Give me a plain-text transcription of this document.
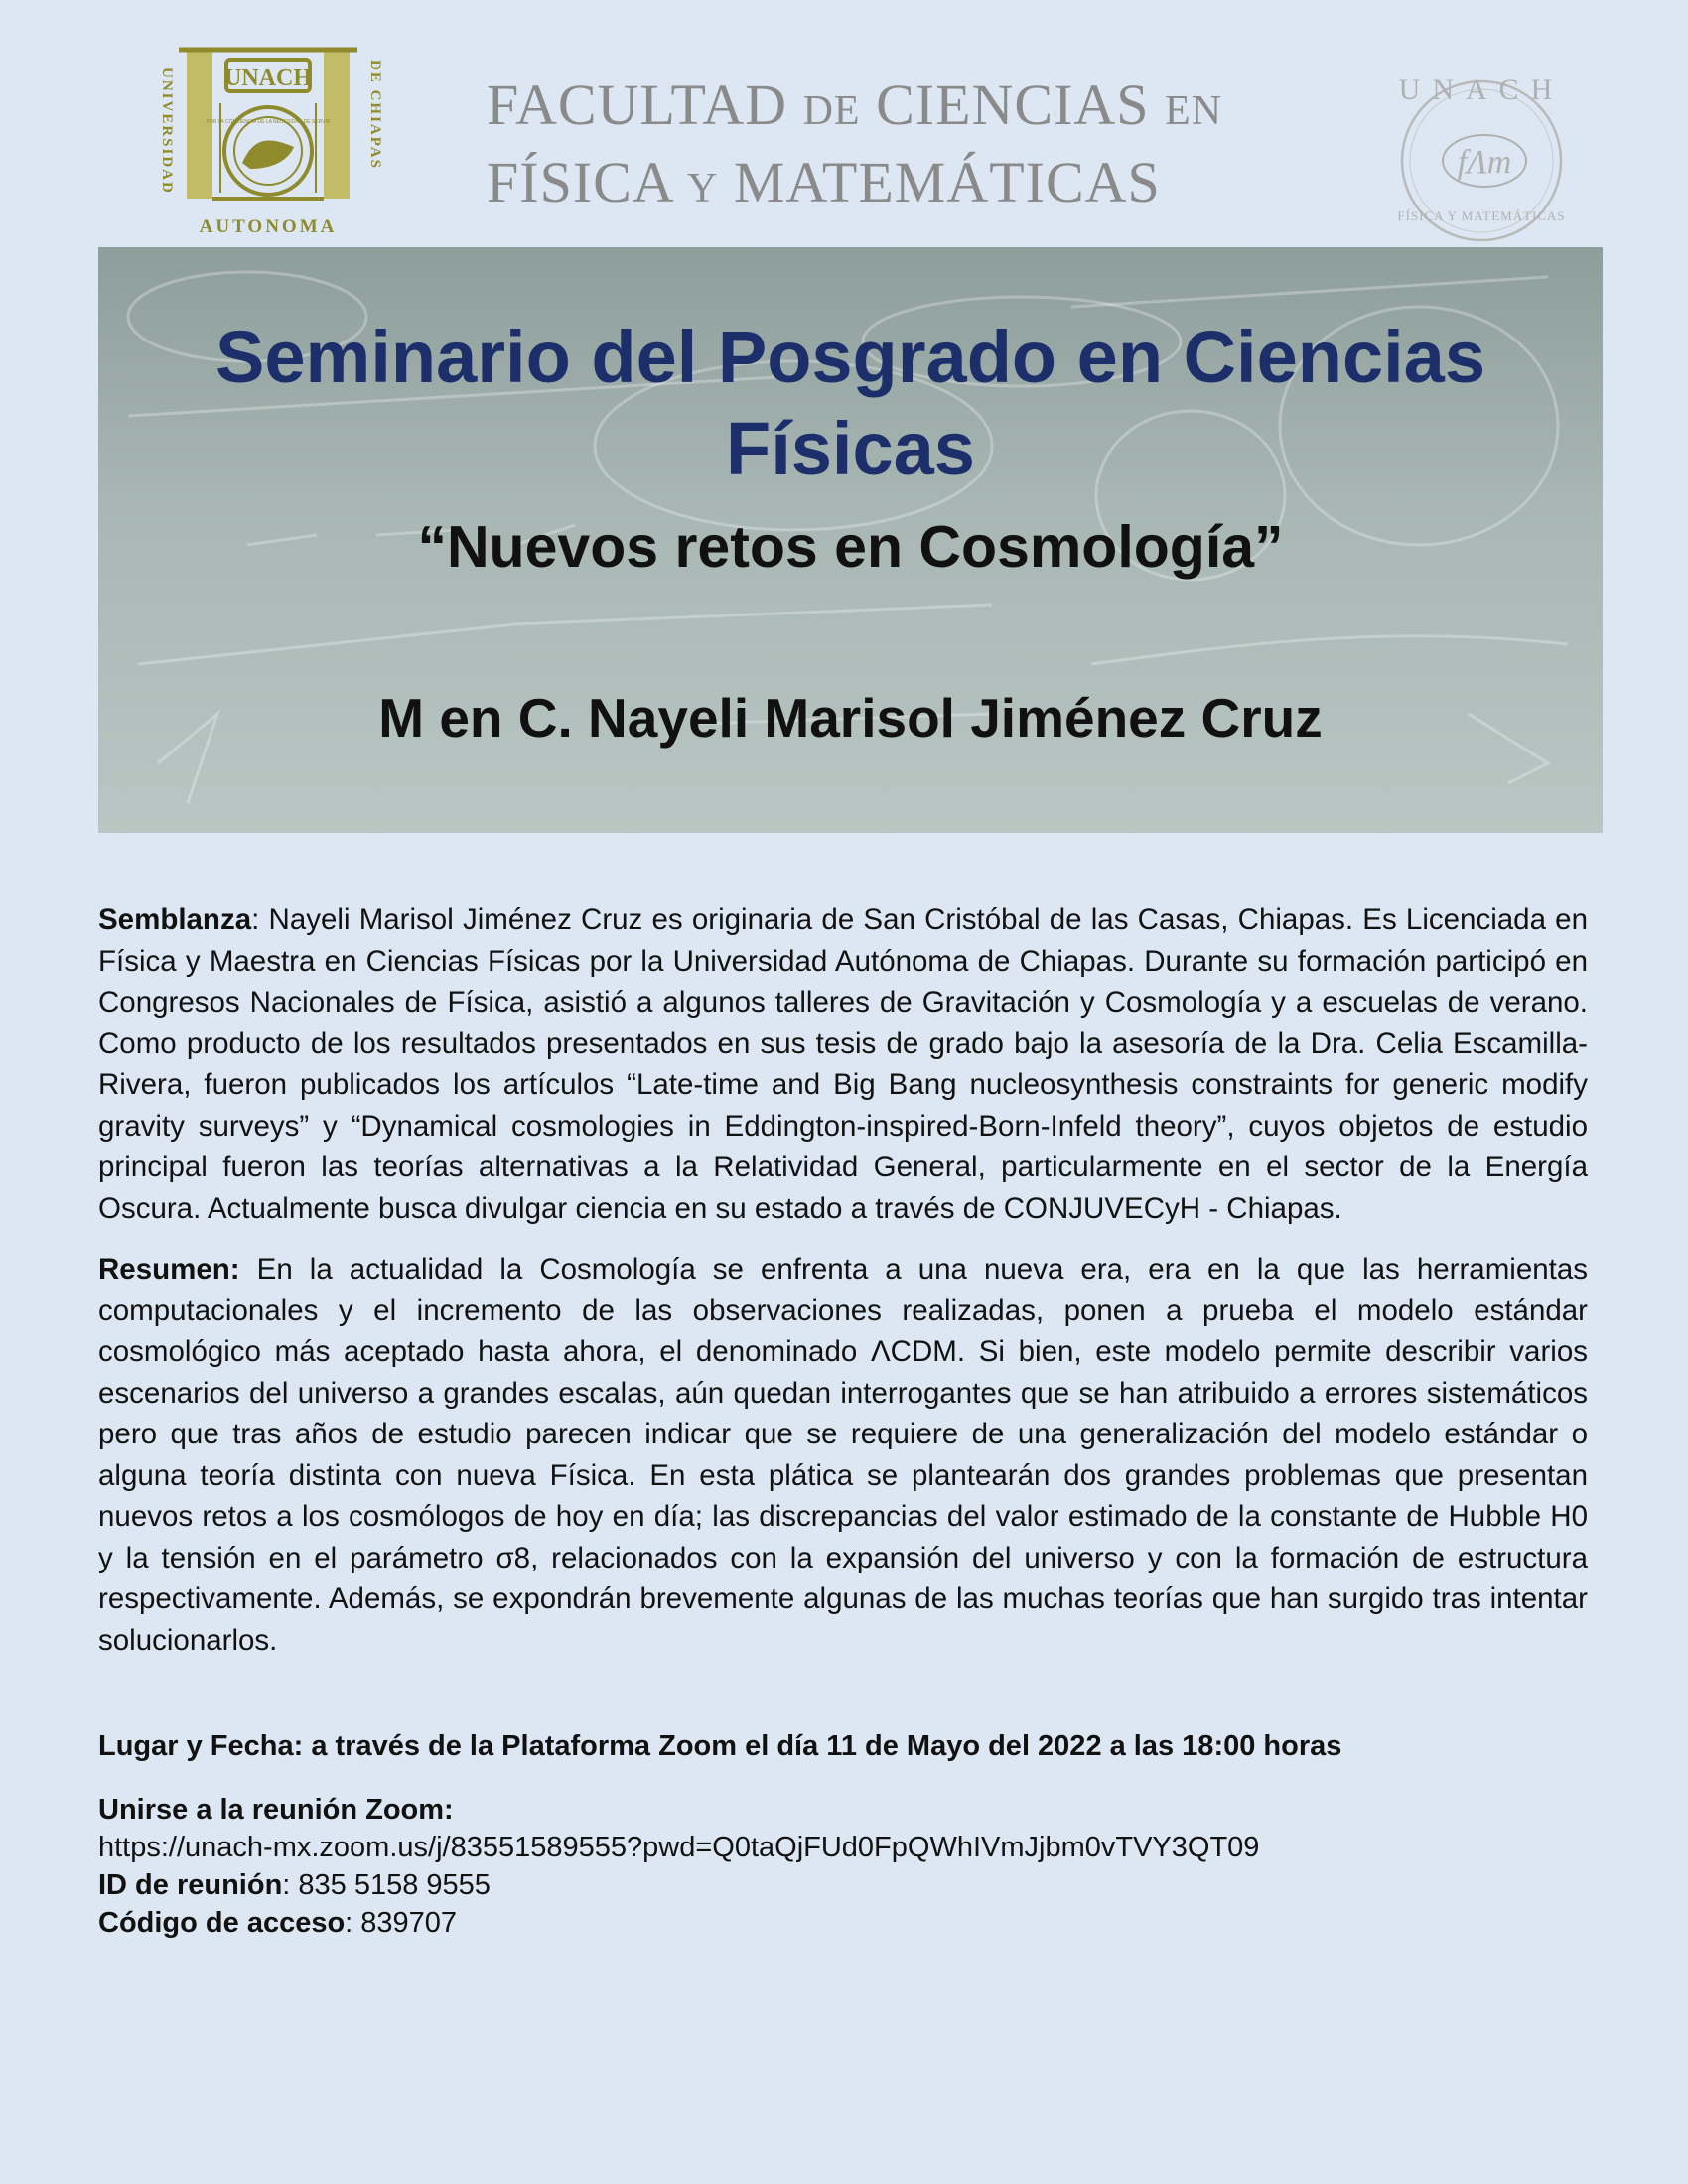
UNACH
UNIVERSIDAD	DE CHIAPAS
AUTONOMA
POR LA CONCIENCIA DE LA NECESIDAD DE SERVIR	FACULTAD DE CIENCIAS EN
FÍSICA Y MATEMÁTICAS
UNACH
fΛm
FÍSICA Y MATEMÁTICAS
Seminario del Posgrado en Ciencias
Físicas
“Nuevos retos en Cosmología”
M en C. Nayeli Marisol Jiménez Cruz

Semblanza: Nayeli Marisol Jiménez Cruz es originaria de San Cristóbal de las Casas, Chiapas. Es Licenciada en Física y Maestra en Ciencias Físicas por la Universidad Autónoma de Chiapas. Durante su formación participó en Congresos Nacionales de Física, asistió a algunos talleres de Gravitación y Cosmología y a escuelas de verano. Como producto de los resultados presentados en sus tesis de grado bajo la asesoría de la Dra. Celia Escamilla-Rivera, fueron publicados los artículos “Late-time and Big Bang nucleosynthesis constraints for generic modify gravity surveys” y “Dynamical cosmologies in Eddington-inspired-Born-Infeld theory”, cuyos objetos de estudio principal fueron las teorías alternativas a la Relatividad General, particularmente en el sector de la Energía Oscura. Actualmente busca divulgar ciencia en su estado a través de CONJUVECyH - Chiapas.

Resumen: En la actualidad la Cosmología se enfrenta a una nueva era, era en la que las herramientas computacionales y el incremento de las observaciones realizadas, ponen a prueba el modelo estándar cosmológico más aceptado hasta ahora, el denominado ΛCDM. Si bien, este modelo permite describir varios escenarios del universo a grandes escalas, aún quedan interrogantes que se han atribuido a errores sistemáticos pero que tras años de estudio parecen indicar que se requiere de una generalización del modelo estándar o alguna teoría distinta con nueva Física. En esta plática se plantearán dos grandes problemas que presentan nuevos retos a los cosmólogos de hoy en día; las discrepancias del valor estimado de la constante de Hubble H0 y la tensión en el parámetro σ8, relacionados con la expansión del universo y con la formación de estructura respectivamente. Además, se expondrán brevemente algunas de las muchas teorías que han surgido tras intentar solucionarlos.

Lugar y Fecha: a través de la Plataforma Zoom el día 11 de Mayo del 2022 a las 18:00 horas
Unirse a la reunión Zoom:
https://unach-mx.zoom.us/j/83551589555?pwd=Q0taQjFUd0FpQWhIVmJjbm0vTVY3QT09
ID de reunión: 835 5158 9555
Código de acceso: 839707
